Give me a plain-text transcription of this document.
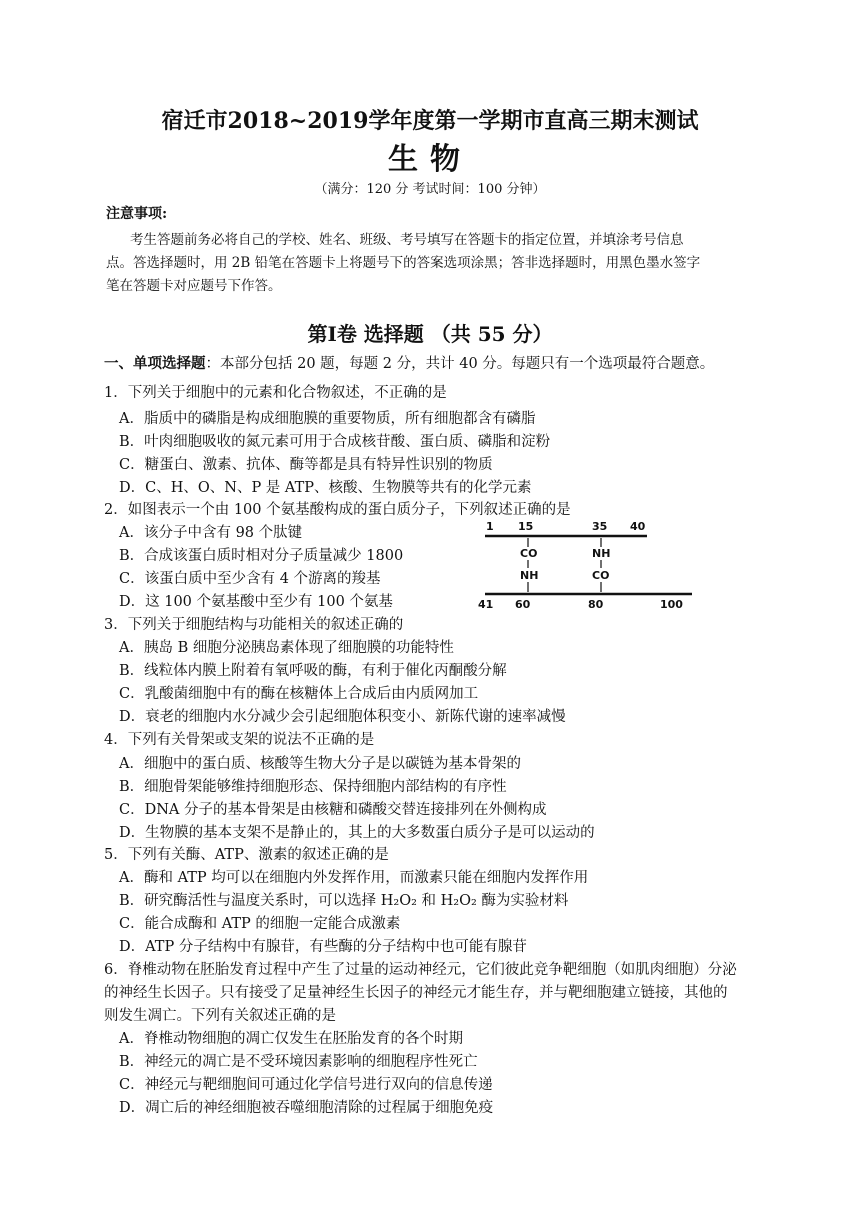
宿迁市2018~2019学年度第一学期市直高三期末测试
生物
（满分：120 分 考试时间：100 分钟）
注意事项:
考生答题前务必将自己的学校、姓名、班级、考号填写在答题卡的指定位置，并填涂考号信息
点。答选择题时，用 2B 铅笔在答题卡上将题号下的答案选项涂黑；答非选择题时，用黑色墨水签字
笔在答题卡对应题号下作答。
第Ⅰ卷 选择题 （共 55 分）
一、单项选择题：本部分包括 20 题，每题 2 分，共计 40 分。每题只有一个选项最符合题意。
1．下列关于细胞中的元素和化合物叙述，不正确的是
A．脂质中的磷脂是构成细胞膜的重要物质，所有细胞都含有磷脂
B．叶肉细胞吸收的氮元素可用于合成核苷酸、蛋白质、磷脂和淀粉
C．糖蛋白、激素、抗体、酶等都是具有特异性识别的物质
D．C、H、O、N、P 是 ATP、核酸、生物膜等共有的化学元素
2．如图表示一个由 100 个氨基酸构成的蛋白质分子，下列叙述正确的是
A．该分子中含有 98 个肽键
B．合成该蛋白质时相对分子质量减少 1800
C．该蛋白质中至少含有 4 个游离的羧基
D．这 100 个氨基酸中至少有 100 个氨基
1 15	35 40
CO
NH
NH
CO
41 60	80	100
3．下列关于细胞结构与功能相关的叙述正确的
A．胰岛 B 细胞分泌胰岛素体现了细胞膜的功能特性
B．线粒体内膜上附着有氧呼吸的酶，有利于催化丙酮酸分解
C．乳酸菌细胞中有的酶在核糖体上合成后由内质网加工
D．衰老的细胞内水分减少会引起细胞体积变小、新陈代谢的速率减慢
4．下列有关骨架或支架的说法不正确的是
A．细胞中的蛋白质、核酸等生物大分子是以碳链为基本骨架的
B．细胞骨架能够维持细胞形态、保持细胞内部结构的有序性
C．DNA 分子的基本骨架是由核糖和磷酸交替连接排列在外侧构成
D．生物膜的基本支架不是静止的，其上的大多数蛋白质分子是可以运动的
5．下列有关酶、ATP、激素的叙述正确的是
A．酶和 ATP 均可以在细胞内外发挥作用，而激素只能在细胞内发挥作用
B．研究酶活性与温度关系时，可以选择 H₂O₂ 和 H₂O₂ 酶为实验材料
C．能合成酶和 ATP 的细胞一定能合成激素
D．ATP 分子结构中有腺苷，有些酶的分子结构中也可能有腺苷
6．脊椎动物在胚胎发育过程中产生了过量的运动神经元，它们彼此竞争靶细胞（如肌肉细胞）分泌
的神经生长因子。只有接受了足量神经生长因子的神经元才能生存，并与靶细胞建立链接，其他的
则发生凋亡。下列有关叙述正确的是
A．脊椎动物细胞的凋亡仅发生在胚胎发育的各个时期
B．神经元的凋亡是不受环境因素影响的细胞程序性死亡
C．神经元与靶细胞间可通过化学信号进行双向的信息传递
D．凋亡后的神经细胞被吞噬细胞清除的过程属于细胞免疫
